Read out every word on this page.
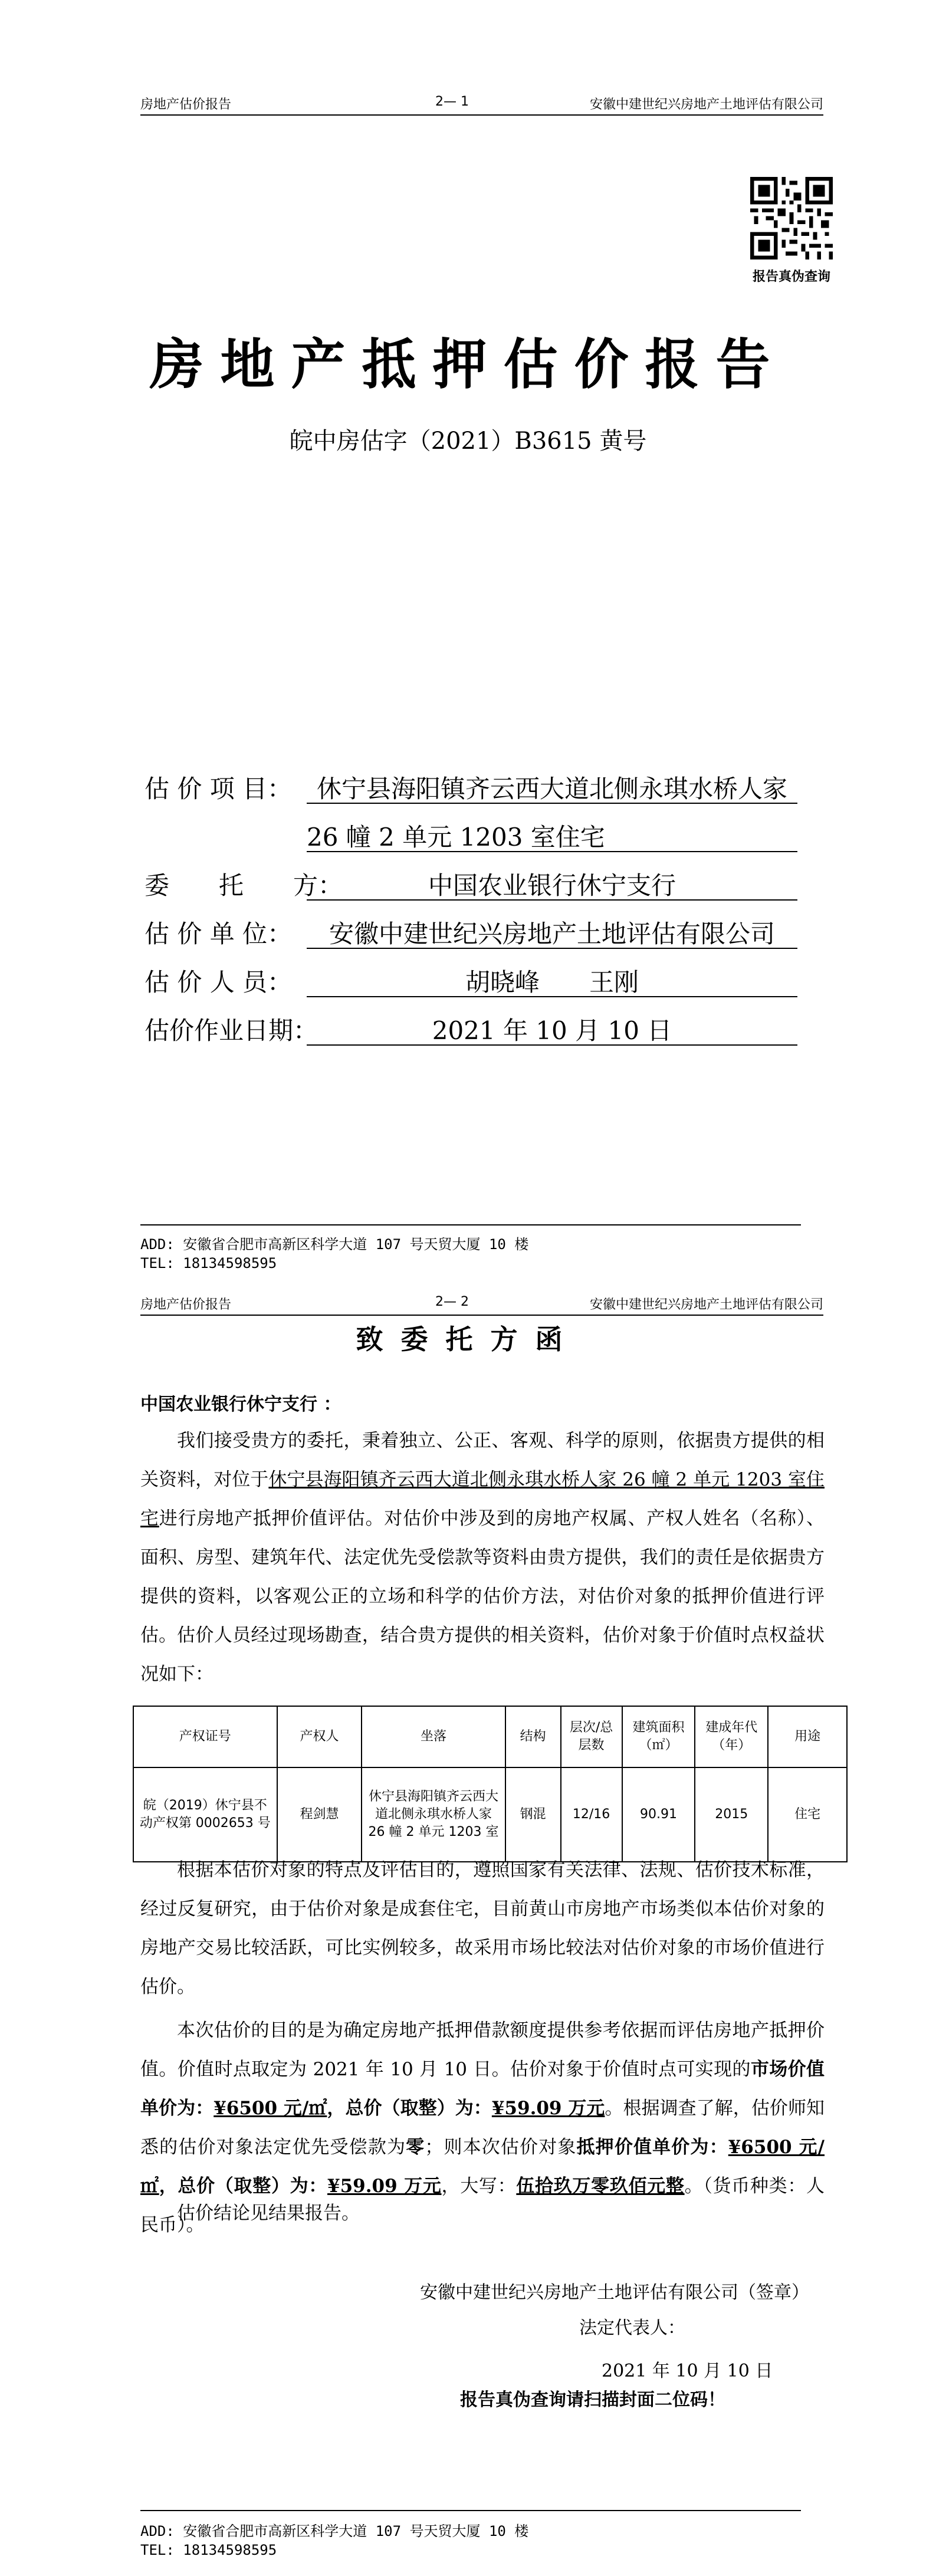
房地产估价报告	2— 1	安徽中建世纪兴房地产土地评估有限公司
报告真伪查询
房地产抵押估价报告
皖中房估字（2021）B3615 黄号
估 价 项 目： 休宁县海阳镇齐云西大道北侧永琪水桥人家
26 幢 2 单元 1203 室住宅
委　　托　　方：	中国农业银行休宁支行
估 价 单 位：	安徽中建世纪兴房地产土地评估有限公司
估 价 人 员：	胡晓峰　　王刚
估价作业日期：	2021 年 10 月 10 日
ADD: 安徽省合肥市高新区科学大道 107 号天贸大厦 10 楼
TEL: 18134598595
房地产估价报告	2— 2	安徽中建世纪兴房地产土地评估有限公司
致委托方函
中国农业银行休宁支行 ：
我们接受贵方的委托，秉着独立、公正、客观、科学的原则，依据贵方提供的相关资料，对位于休宁县海阳镇齐云西大道北侧永琪水桥人家 26 幢 2 单元 1203 室住宅进行房地产抵押价值评估。对估价中涉及到的房地产权属、产权人姓名（名称）、面积、房型、建筑年代、法定优先受偿款等资料由贵方提供，我们的责任是依据贵方提供的资料，以客观公正的立场和科学的估价方法，对估价对象的抵押价值进行评估。 估价人员经过现场勘查，结合贵方提供的相关资料，估价对象于价值时点权益状况如下：
产权证号	产权人	坐落	结构	层次/总层数	建筑面积（㎡）	建成年代（年）	用途
皖（2019）休宁县不动产权第 0002653 号	程剑慧	休宁县海阳镇齐云西大道北侧永琪水桥人家 26 幢 2 单元 1203 室	钢混	12/16	90.91	2015	住宅
根据本估价对象的特点及评估目的，遵照国家有关法律、法规、估价技术标准，经过反复研究，由于估价对象是成套住宅，目前黄山市房地产市场类似本估价对象的房地产交易比较活跃，可比实例较多，故采用市场比较法对估价对象的市场价值进行估价。
本次估价的目的是为确定房地产抵押借款额度提供参考依据而评估房地产抵押价值。价值时点取定为 2021 年 10 月 10 日。估价对象于价值时点可实现的市场价值单价为：¥6500 元/㎡，总价（取整）为：¥59.09 万元。根据调查了解，估价师知悉的估价对象法定优先受偿款为零；则本次估价对象抵押价值单价为：¥6500 元/㎡，总价（取整）为：¥59.09 万元，大写：伍拾玖万零玖佰元整。（货币种类：人民币）。
估价结论见结果报告。
安徽中建世纪兴房地产土地评估有限公司（签章）
法定代表人：
2021 年 10 月 10 日
报告真伪查询请扫描封面二位码！
ADD: 安徽省合肥市高新区科学大道 107 号天贸大厦 10 楼
TEL: 18134598595
